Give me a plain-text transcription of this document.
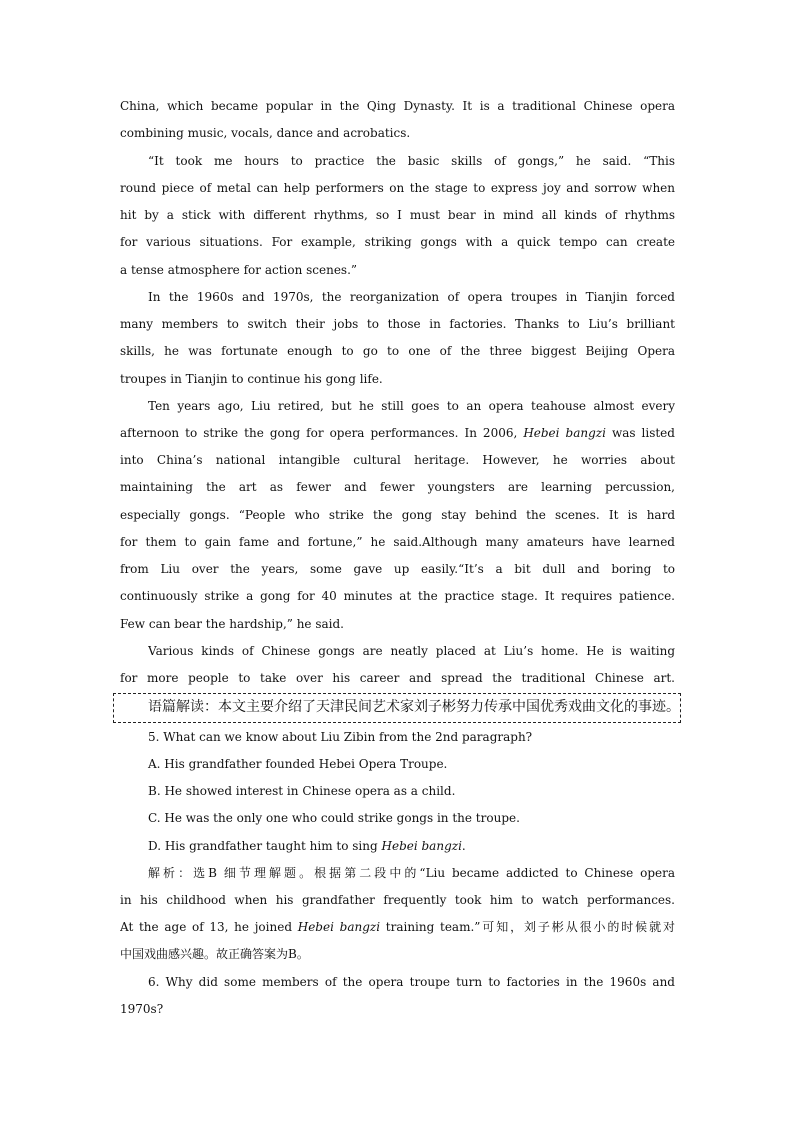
China, which became popular in the Qing Dynasty. It is a traditional Chinese opera
combining music, vocals, dance and acrobatics.
“It took me hours to practice the basic skills of gongs,” he said. “This
round piece of metal can help performers on the stage to express joy and sorrow when
hit by a stick with different rhythms, so I must bear in mind all kinds of rhythms
for various situations. For example, striking gongs with a quick tempo can create
a tense atmosphere for action scenes.”
In the 1960s and 1970s, the reorganization of opera troupes in Tianjin forced
many members to switch their jobs to those in factories. Thanks to Liu’s brilliant
skills, he was fortunate enough to go to one of the three biggest Beijing Opera
troupes in Tianjin to continue his gong life.
Ten years ago, Liu retired, but he still goes to an opera teahouse almost every
afternoon to strike the gong for opera performances. In 2006, Hebei bangzi was listed
into China’s national intangible cultural heritage. However, he worries about
maintaining the art as fewer and fewer youngsters are learning percussion,
especially gongs. “People who strike the gong stay behind the scenes. It is hard
for them to gain fame and fortune,” he said.Although many amateurs have learned
from Liu over the years, some gave up easily.“It’s a bit dull and boring to
continuously strike a gong for 40 minutes at the practice stage. It requires patience.
Few can bear the hardship,” he said.
Various kinds of Chinese gongs are neatly placed at Liu’s home. He is waiting
for more people to take over his career and spread the traditional Chinese art.
语篇解读：本文主要介绍了天津民间艺术家刘子彬努力传承中国优秀戏曲文化的事迹。
5. What can we know about Liu Zibin from the 2nd paragraph?
A. His grandfather founded Hebei Opera Troupe.
B. He showed interest in Chinese opera as a child.
C. He was the only one who could strike gongs in the troupe.
D. His grandfather taught him to sing Hebei bangzi.
解析：选B 细节理解题。根据第二段中的“Liu became addicted to Chinese opera
in his childhood when his grandfather frequently took him to watch performances.
At the age of 13, he joined Hebei bangzi training team.”可知，刘子彬从很小的时候就对
中国戏曲感兴趣。故正确答案为B。
6. Why did some members of the opera troupe turn to factories in the 1960s and
1970s?
